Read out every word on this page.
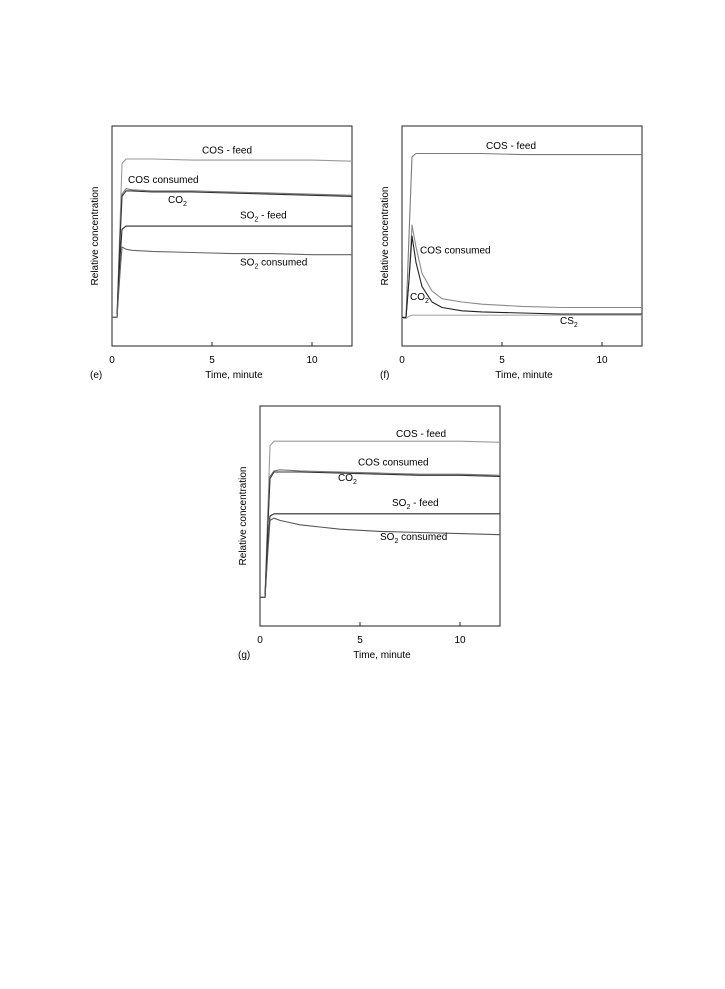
0	5	10
Time, minute
Relative concentration
(e)
COS - feed
COS consumed
$CO_2$
$SO_2$ - feed
$SO_2$ consumed
0	5	10
Time, minute
Relative concentration
(f)
COS - feed
COS consumed
$CO_2$
$CS_2$
0	5	10
Time, minute
Relative concentration
(g)
COS - feed
COS consumed
$CO_2$
$SO_2$ - feed
$SO_2$ consumed
